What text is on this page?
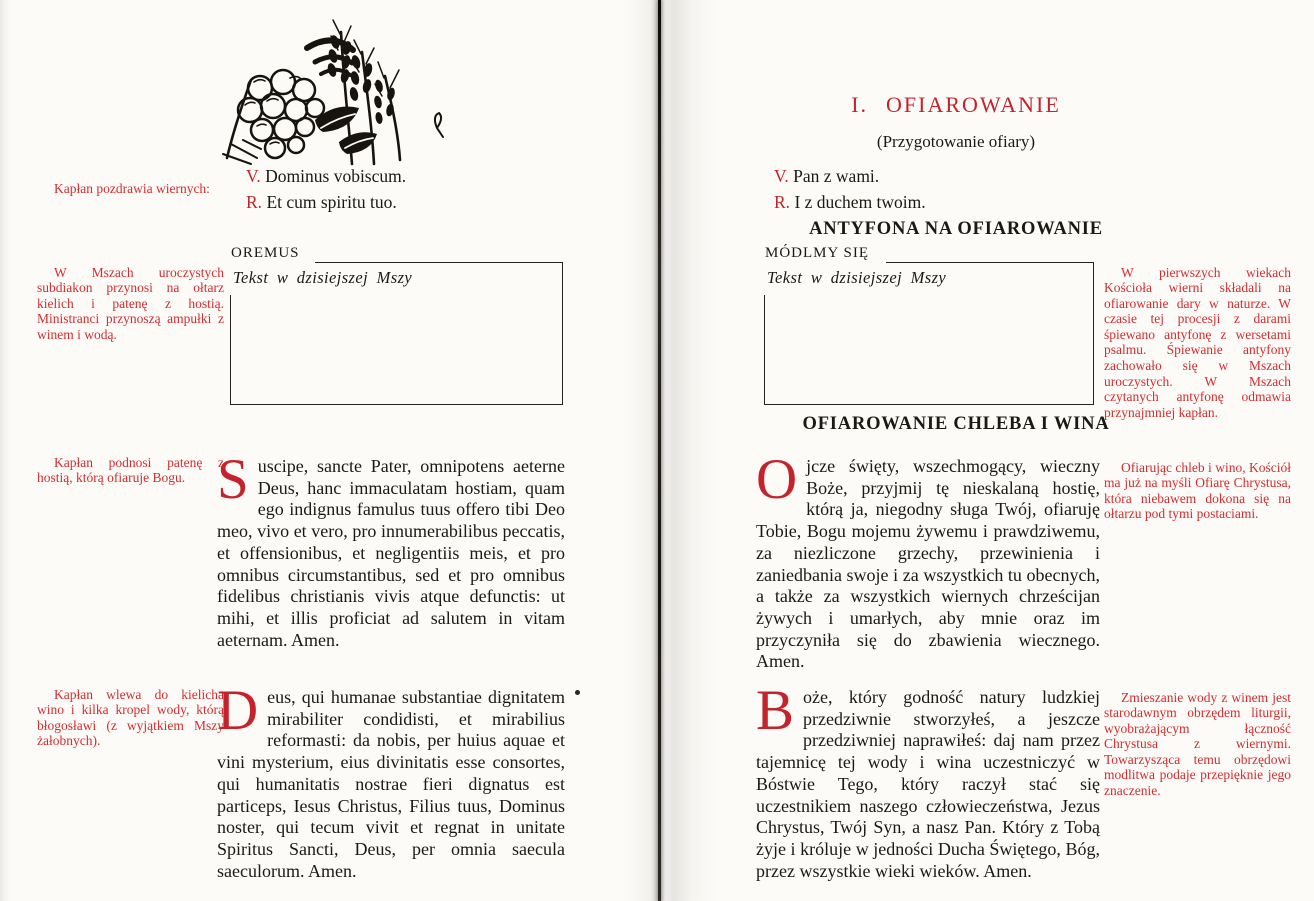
Kapłan pozdrawia wiernych:

V. Dominus vobiscum.
R. Et cum spiritu tuo.

W Mszach uroczystych subdiakon przynosi na ołtarz kielich i patenę z hostią. Ministranci przynoszą ampułki z winem i wodą.

OREMUS
Tekst w dzisiejszej Mszy

Kapłan podnosi patenę z hostią, którą ofiaruje Bogu. Suscipe, sancte Pater, omnipotens aeterne Deus, hanc immaculatam hostiam, quam ego indignus famulus tuus offero tibi Deo meo, vivo et vero, pro innumerabilibus peccatis, et offensionibus, et negligentiis meis, et pro omnibus circumstantibus, sed et pro omnibus fidelibus christianis vivis atque defunctis: ut mihi, et illis proficiat ad salutem in vitam aeternam. Amen.

Kapłan wlewa do kielicha wino i kilka kropel wody, którą błogosławi (z wyjątkiem Mszy żałobnych).	Deus, qui humanae substantiae dignitatem mirabiliter condidisti, et mirabilius reformasti: da nobis, per huius aquae et vini mysterium, eius divinitatis esse consortes, qui humanitatis nostrae fieri dignatus est particeps, Iesus Christus, Filius tuus, Dominus noster, qui tecum vivit et regnat in unitate Spiritus Sancti, Deus, per omnia saecula saeculorum. Amen.

I. OFIAROWANIE
(Przygotowanie ofiary)
V. Pan z wami.
R. I z duchem twoim.
ANTYFONA NA OFIAROWANIE
MÓDLMY SIĘ
Tekst w dzisiejszej Mszy	W pierwszych wiekach Kościoła wierni składali na ofiarowanie dary w naturze. W czasie tej procesji z darami śpiewano antyfonę z wersetami psalmu. Śpiewanie antyfony zachowało się w Mszach uroczystych. W Mszach czytanych antyfonę odmawia przynajmniej kapłan.

OFIAROWANIE CHLEBA I WINA

Ojcze święty, wszechmogący, wieczny Boże, przyjmij tę nieskalaną hostię, którą ja, niegodny sługa Twój, ofiaruję Tobie, Bogu mojemu żywemu i prawdziwemu, za niezliczone grzechy, przewinienia i zaniedbania swoje i za wszystkich tu obecnych, a także za wszystkich wiernych chrześcijan żywych i umarłych, aby mnie oraz im przyczyniła się do zbawienia wiecznego. Amen.

Ofiarując chleb i wino, Kościół ma już na myśli Ofiarę Chrystusa, która niebawem dokona się na ołtarzu pod tymi postaciami.

Boże, który godność natury ludzkiej przedziwnie stworzyłeś, a jeszcze przedziwniej naprawiłeś: daj nam przez tajemnicę tej wody i wina uczestniczyć w Bóstwie Tego, który raczył stać się uczestnikiem naszego człowieczeństwa, Jezus Chrystus, Twój Syn, a nasz Pan. Który z Tobą żyje i króluje w jedności Ducha Świętego, Bóg, przez wszystkie wieki wieków. Amen.

Zmieszanie wody z winem jest starodawnym obrzędem liturgii, wyobrażającym łączność Chrystusa z wiernymi. Towarzysząca temu obrzędowi modlitwa podaje przepięknie jego znaczenie.
